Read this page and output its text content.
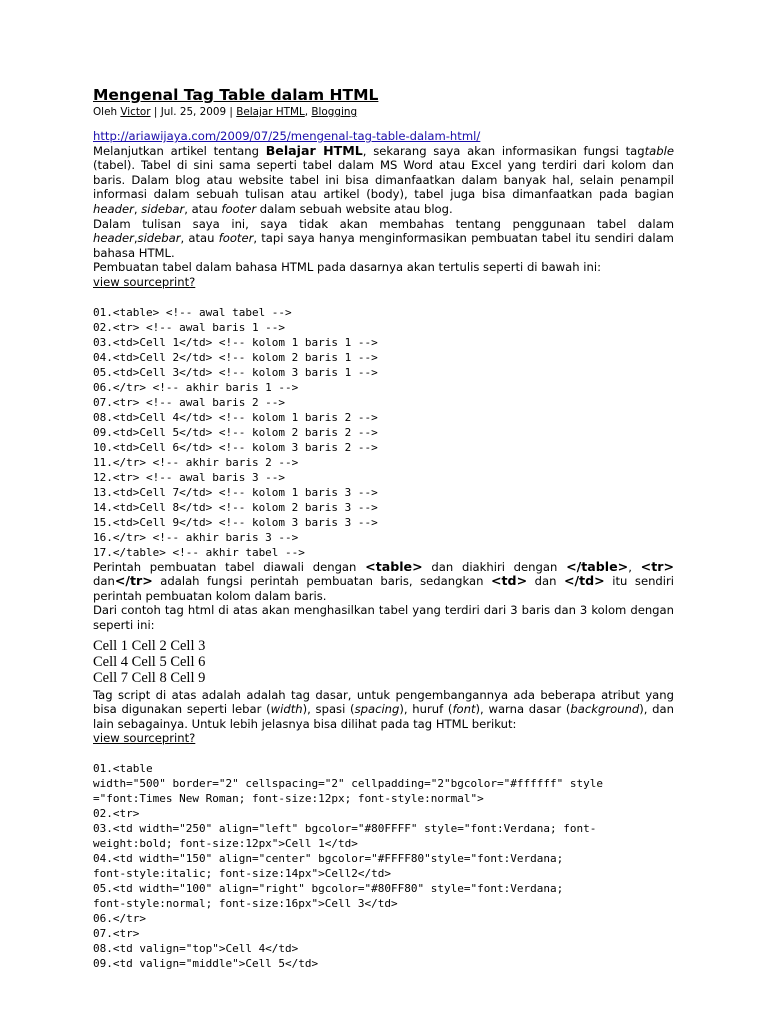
Mengenal Tag Table dalam HTML
Oleh Victor | Jul. 25, 2009 | Belajar HTML, Blogging
http://ariawijaya.com/2009/07/25/mengenal-tag-table-dalam-html/

Melanjutkan artikel tentang Belajar HTML, sekarang saya akan informasikan fungsi tagtable (tabel). Tabel di sini sama seperti tabel dalam MS Word atau Excel yang terdiri dari kolom dan baris. Dalam blog atau website tabel ini bisa dimanfaatkan dalam banyak hal, selain penampil informasi dalam sebuah tulisan atau artikel (body), tabel juga bisa dimanfaatkan pada bagian header, sidebar, atau footer dalam sebuah website atau blog.

Dalam tulisan saya ini, saya tidak akan membahas tentang penggunaan tabel dalam header,sidebar, atau footer, tapi saya hanya menginformasikan pembuatan tabel itu sendiri dalam bahasa HTML.

Pembuatan tabel dalam bahasa HTML pada dasarnya akan tertulis seperti di bawah ini:

view sourceprint?

01.<table> <!-- awal tabel -->
02.<tr> <!-- awal baris 1 -->
03.<td>Cell 1</td> <!-- kolom 1 baris 1 -->
04.<td>Cell 2</td> <!-- kolom 2 baris 1 -->
05.<td>Cell 3</td> <!-- kolom 3 baris 1 -->
06.</tr> <!-- akhir baris 1 -->
07.<tr> <!-- awal baris 2 -->
08.<td>Cell 4</td> <!-- kolom 1 baris 2 -->
09.<td>Cell 5</td> <!-- kolom 2 baris 2 -->
10.<td>Cell 6</td> <!-- kolom 3 baris 2 -->
11.</tr> <!-- akhir baris 2 -->
12.<tr> <!-- awal baris 3 -->
13.<td>Cell 7</td> <!-- kolom 1 baris 3 -->
14.<td>Cell 8</td> <!-- kolom 2 baris 3 -->
15.<td>Cell 9</td> <!-- kolom 3 baris 3 -->
16.</tr> <!-- akhir baris 3 -->
17.</table> <!-- akhir tabel -->

Perintah pembuatan tabel diawali dengan <table> dan diakhiri dengan </table>, <tr> dan</tr> adalah fungsi perintah pembuatan baris, sedangkan <td> dan </td> itu sendiri perintah pembuatan kolom dalam baris.

Dari contoh tag html di atas akan menghasilkan tabel yang terdiri dari 3 baris dan 3 kolom dengan seperti ini:

Cell 1 Cell 2 Cell 3
Cell 4 Cell 5 Cell 6
Cell 7 Cell 8 Cell 9

Tag script di atas adalah adalah tag dasar, untuk pengembangannya ada beberapa atribut yang bisa digunakan seperti lebar (width), spasi (spacing), huruf (font), warna dasar (background), dan lain sebagainya. Untuk lebih jelasnya bisa dilihat pada tag HTML berikut:

view sourceprint?

01.<table
width="500" border="2" cellspacing="2" cellpadding="2"bgcolor="#ffffff" style
="font:Times New Roman; font-size:12px; font-style:normal">
02.<tr>
03.<td width="250" align="left" bgcolor="#80FFFF" style="font:Verdana; font-
weight:bold; font-size:12px">Cell 1</td>
04.<td width="150" align="center" bgcolor="#FFFF80"style="font:Verdana;
font-style:italic; font-size:14px">Cell2</td>
05.<td width="100" align="right" bgcolor="#80FF80" style="font:Verdana;
font-style:normal; font-size:16px">Cell 3</td>
06.</tr>
07.<tr>
08.<td valign="top">Cell 4</td>
09.<td valign="middle">Cell 5</td>
